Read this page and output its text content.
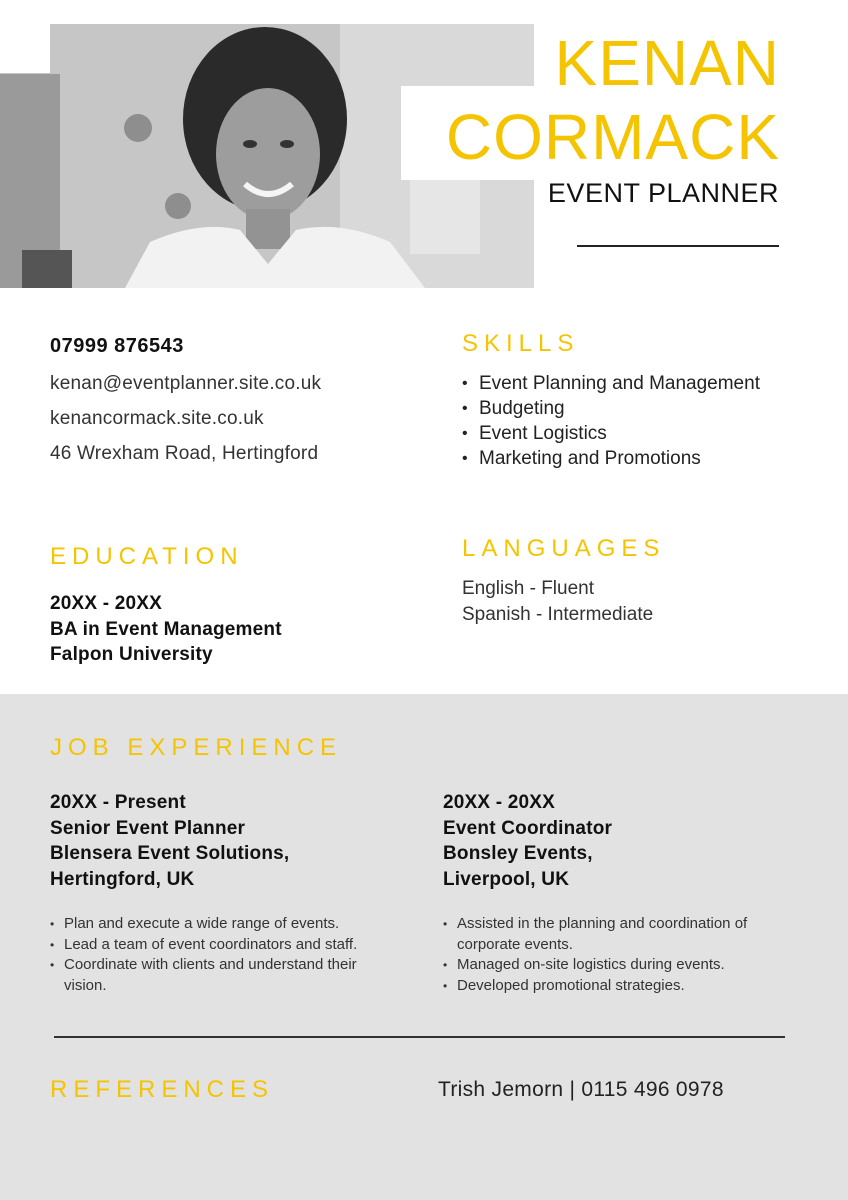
KENAN
CORMACK
EVENT PLANNER
07999 876543
kenan@eventplanner.site.co.uk
kenancormack.site.co.uk
46 Wrexham Road, Hertingford
SKILLS
• Event Planning and Management
• Budgeting
• Event Logistics
• Marketing and Promotions
EDUCATION
20XX - 20XX
BA in Event Management
Falpon University
LANGUAGES
English - Fluent
Spanish - Intermediate
JOB EXPERIENCE
20XX - Present
Senior Event Planner
Blensera Event Solutions,
Hertingford, UK
• Plan and execute a wide range of events.
• Lead a team of event coordinators and staff.
• Coordinate with clients and understand their vision.
20XX - 20XX
Event Coordinator
Bonsley Events,
Liverpool, UK
• Assisted in the planning and coordination of corporate events.
• Managed on-site logistics during events.
• Developed promotional strategies.
REFERENCES	Trish Jemorn | 0115 496 0978
